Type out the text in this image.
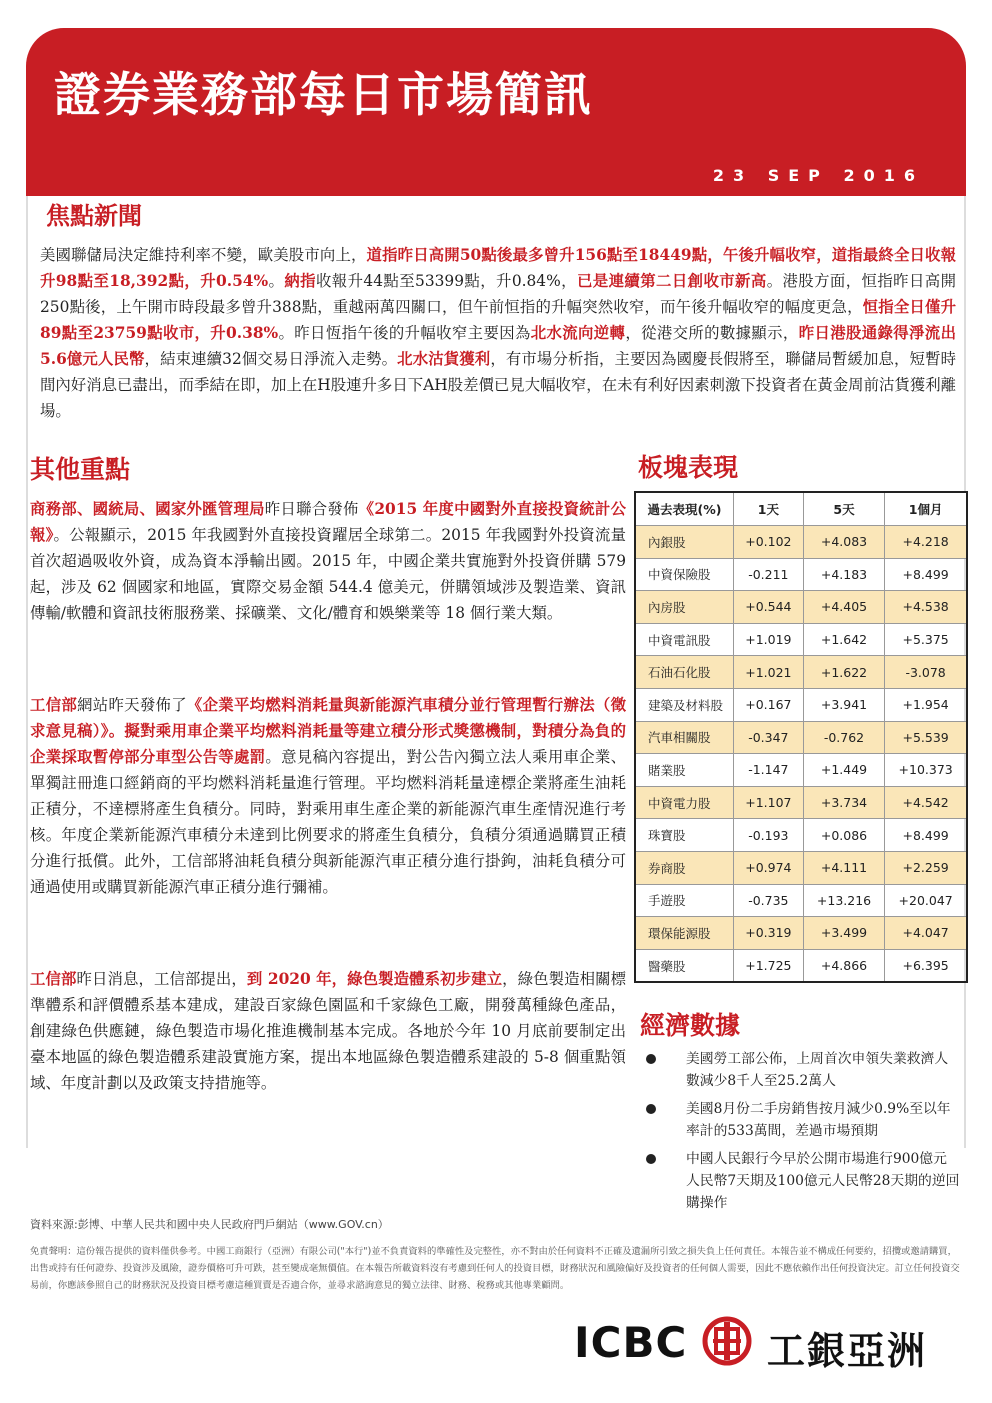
證券業務部每日市場簡訊
23 SEP 2016
焦點新聞

美國聯儲局決定維持利率不變，歐美股市向上，道指昨日高開50點後最多曾升156點至18449點，午後升幅收窄，道指最終全日收報升98點至18,392點，升0.54%。納指收報升44點至53399點，升0.84%，已是連續第二日創收市新高。港股方面，恒指昨日高開250點後，上午開市時段最多曾升388點，重越兩萬四關口，但午前恒指的升幅突然收窄，而午後升幅收窄的幅度更急，恒指全日僅升89點至23759點收市，升0.38%。昨日恆指午後的升幅收窄主要因為北水流向逆轉，從港交所的數據顯示，昨日港股通錄得淨流出5.6億元人民幣，結束連續32個交易日淨流入走勢。北水沽貨獲利，有市場分析指，主要因為國慶長假將至，聯儲局暫緩加息，短暫時間內好消息已盡出，而季結在即，加上在H股連升多日下AH股差價已見大幅收窄，在未有利好因素刺激下投資者在黃金周前沽貨獲利離場。

其他重點

商務部、國統局、國家外匯管理局昨日聯合發佈《2015 年度中國對外直接投資統計公報》。公報顯示，2015 年我國對外直接投資躍居全球第二。2015 年我國對外投資流量首次超過吸收外資，成為資本淨輸出國。2015 年，中國企業共實施對外投資併購 579 起，涉及 62 個國家和地區，實際交易金額 544.4 億美元，併購領域涉及製造業、資訊傳輸/軟體和資訊技術服務業、採礦業、文化/體育和娛樂業等 18 個行業大類。

工信部網站昨天發佈了《企業平均燃料消耗量與新能源汽車積分並行管理暫行辦法（徵求意見稿）》。擬對乘用車企業平均燃料消耗量等建立積分形式獎懲機制，對積分為負的企業採取暫停部分車型公告等處罰。意見稿內容提出，對公告內獨立法人乘用車企業、單獨註冊進口經銷商的平均燃料消耗量進行管理。平均燃料消耗量達標企業將產生油耗正積分，不達標將產生負積分。同時，對乘用車生產企業的新能源汽車生產情況進行考核。年度企業新能源汽車積分未達到比例要求的將產生負積分，負積分須通過購買正積分進行抵償。此外，工信部將油耗負積分與新能源汽車正積分進行掛鉤，油耗負積分可通過使用或購買新能源汽車正積分進行彌補。

工信部昨日消息，工信部提出，到 2020 年，綠色製造體系初步建立，綠色製造相關標準體系和評價體系基本建成，建設百家綠色園區和千家綠色工廠，開發萬種綠色產品，創建綠色供應鏈，綠色製造市場化推進機制基本完成。各地於今年 10 月底前要制定出臺本地區的綠色製造體系建設實施方案，提出本地區綠色製造體系建設的 5-8 個重點領域、年度計劃以及政策支持措施等。

板塊表現
過去表現(%)	1天	5天	1個月
內銀股	+0.102	+4.083	+4.218
中資保險股	-0.211	+4.183	+8.499
內房股	+0.544	+4.405	+4.538
中資電訊股	+1.019	+1.642	+5.375
石油石化股	+1.021	+1.622	-3.078
建築及材料股	+0.167	+3.941	+1.954
汽車相關股	-0.347	-0.762	+5.539
賭業股	-1.147	+1.449	+10.373
中資電力股	+1.107	+3.734	+4.542
珠寶股	-0.193	+0.086	+8.499
券商股	+0.974	+4.111	+2.259
手遊股	-0.735	+13.216	+20.047
環保能源股	+0.319	+3.499	+4.047
醫藥股	+1.725	+4.866	+6.395
經濟數據
美國勞工部公佈，上周首次申領失業救濟人數減少8千人至25.2萬人
美國8月份二手房銷售按月減少0.9%至以年率計的533萬間，差過市場預期
中國人民銀行今早於公開市場進行900億元人民幣7天期及100億元人民幣28天期的逆回購操作
資料來源:彭博、中華人民共和國中央人民政府門戶網站（www.GOV.cn）
免責聲明：這份報告提供的資料僅供參考。中國工商銀行（亞洲）有限公司("本行")並不負責資料的準確性及完整性，亦不對由於任何資料不正確及遺漏所引致之損失負上任何責任。本報告並不構成任何要約，招攬或邀請購買，出售或持有任何證券、投資涉及風險，證券價格可升可跌，甚至變成毫無價值。在本報告所載資料沒有考慮到任何人的投資目標，財務狀況和風險偏好及投資者的任何個人需要，因此不應依賴作出任何投資決定。訂立任何投資交易前，你應該參照自己的財務狀況及投資目標考慮這種買賣是否適合你，並尋求諮詢意見的獨立法律、財務、稅務或其他專業顧問。
ICBC 工銀亞洲
